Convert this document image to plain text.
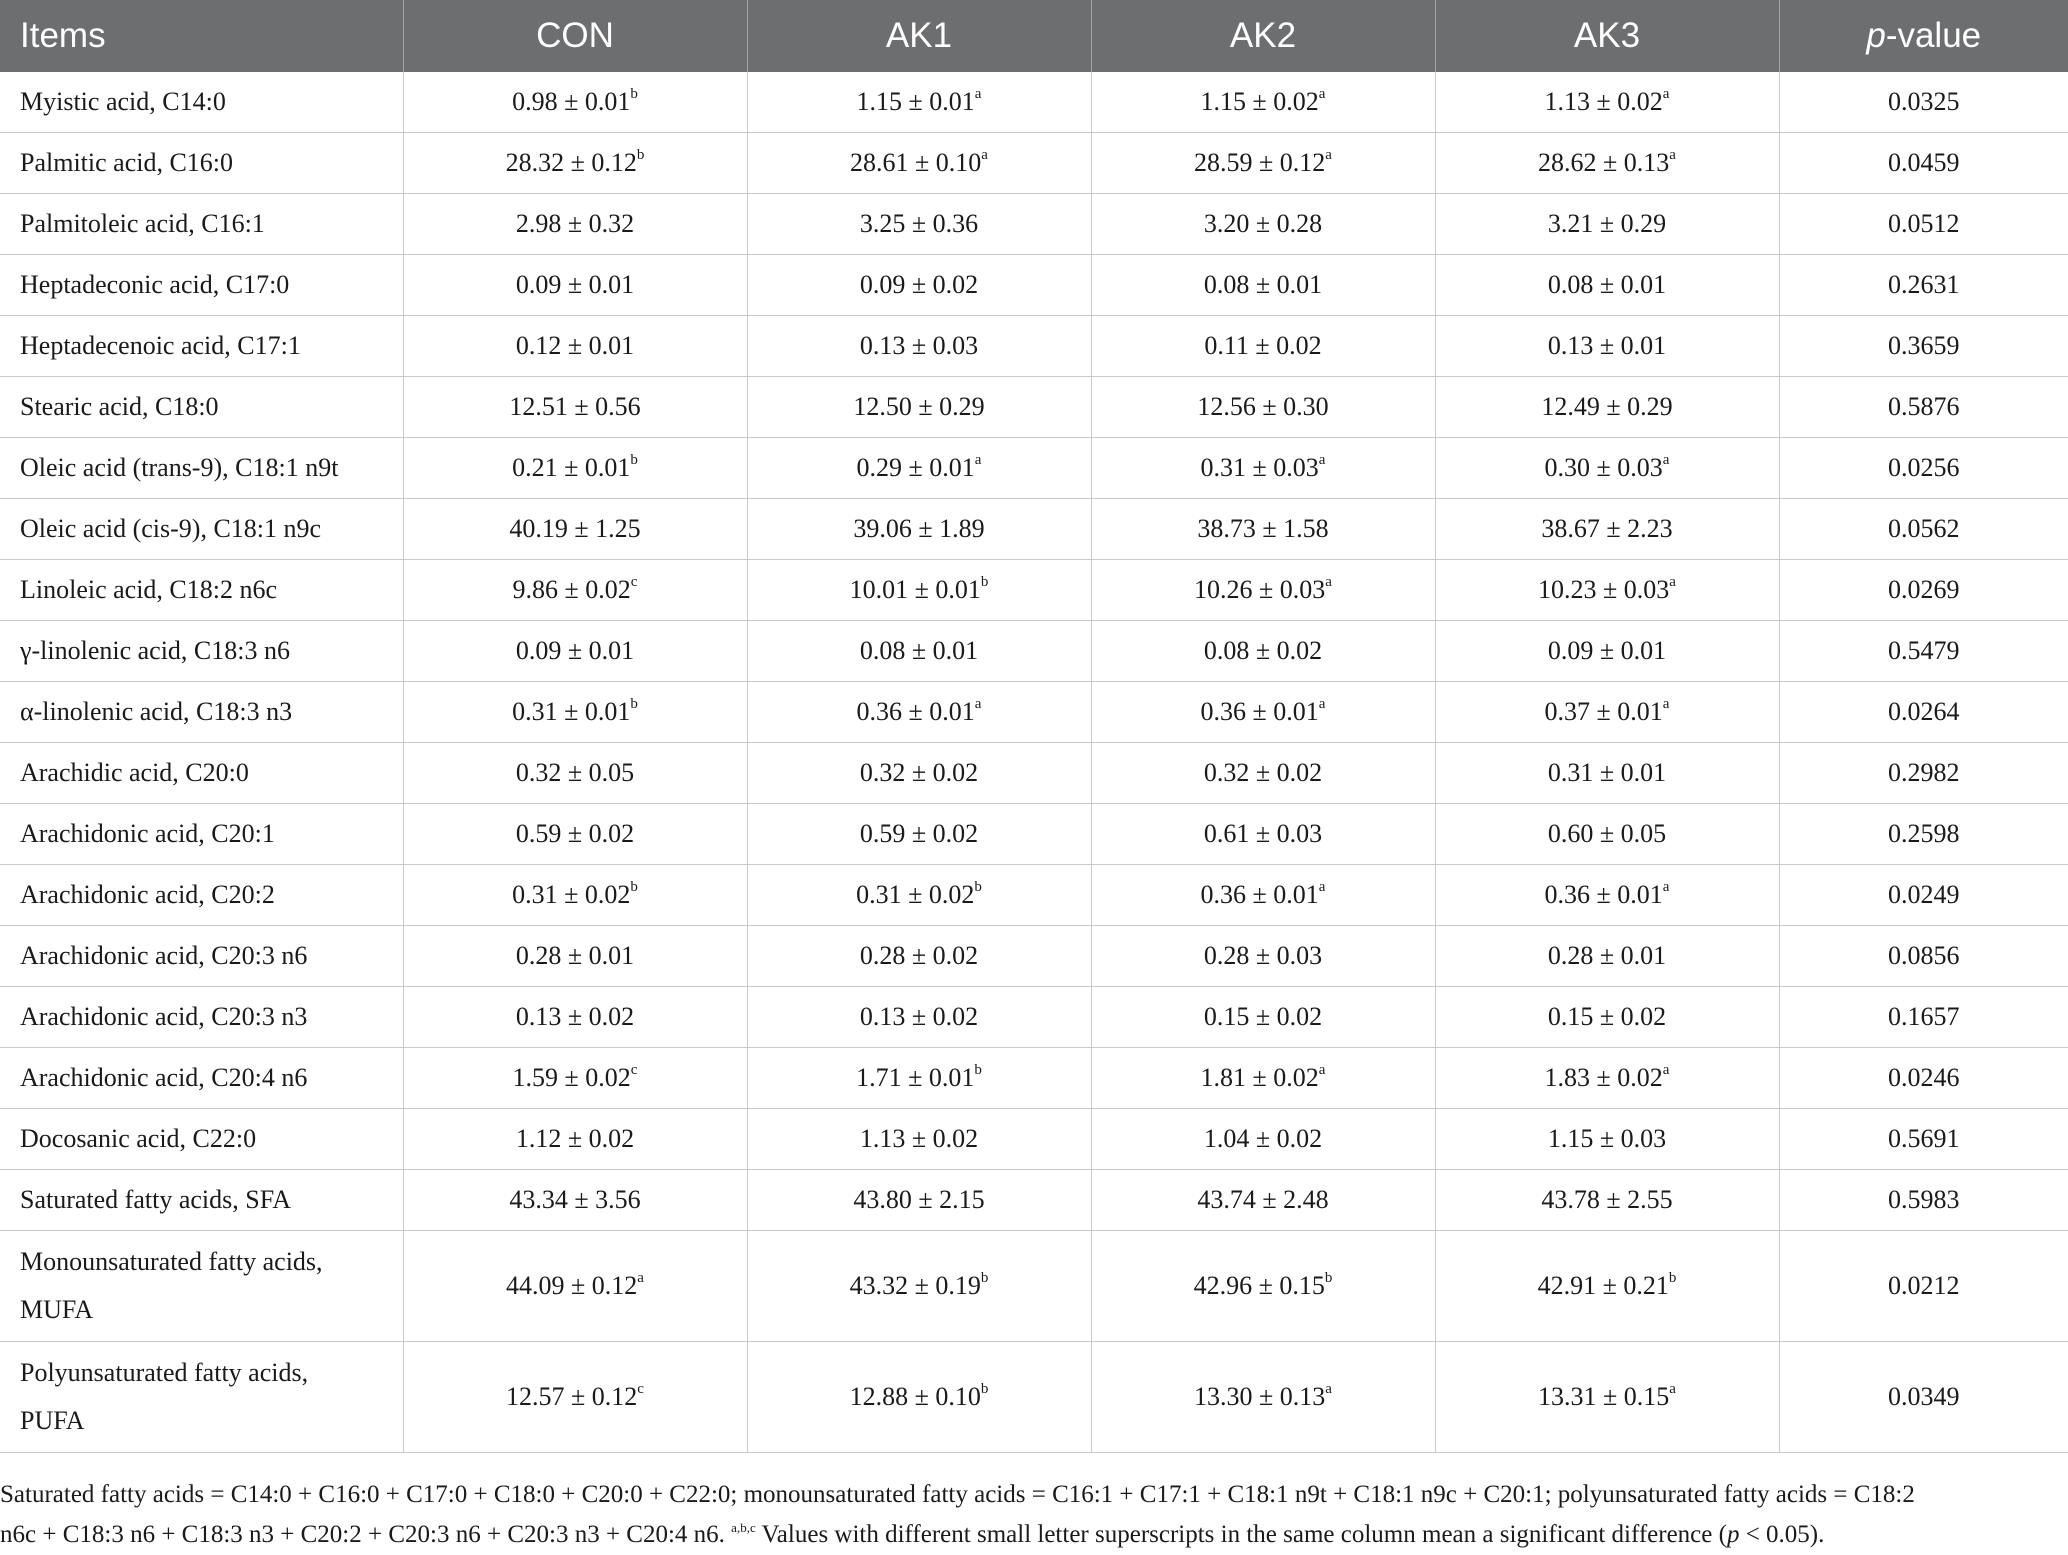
Items	CON	AK1	AK2	AK3	p-value
Myistic acid, C14:0	0.98 ± 0.01$^b$	1.15 ± 0.01$^a$	1.15 ± 0.02$^a$	1.13 ± 0.02$^a$	0.0325
Palmitic acid, C16:0	28.32 ± 0.12$^b$	28.61 ± 0.10$^a$	28.59 ± 0.12$^a$	28.62 ± 0.13$^a$	0.0459
Palmitoleic acid, C16:1	2.98 ± 0.32	3.25 ± 0.36	3.20 ± 0.28	3.21 ± 0.29	0.0512
Heptadeconic acid, C17:0	0.09 ± 0.01	0.09 ± 0.02	0.08 ± 0.01	0.08 ± 0.01	0.2631
Heptadecenoic acid, C17:1	0.12 ± 0.01	0.13 ± 0.03	0.11 ± 0.02	0.13 ± 0.01	0.3659
Stearic acid, C18:0	12.51 ± 0.56	12.50 ± 0.29	12.56 ± 0.30	12.49 ± 0.29	0.5876
Oleic acid (trans-9), C18:1 n9t	0.21 ± 0.01$^b$	0.29 ± 0.01$^a$	0.31 ± 0.03$^a$	0.30 ± 0.03$^a$	0.0256
Oleic acid (cis-9), C18:1 n9c	40.19 ± 1.25	39.06 ± 1.89	38.73 ± 1.58	38.67 ± 2.23	0.0562
Linoleic acid, C18:2 n6c	9.86 ± 0.02$^c$	10.01 ± 0.01$^b$	10.26 ± 0.03$^a$	10.23 ± 0.03$^a$	0.0269
γ-linolenic acid, C18:3 n6	0.09 ± 0.01	0.08 ± 0.01	0.08 ± 0.02	0.09 ± 0.01	0.5479
α-linolenic acid, C18:3 n3	0.31 ± 0.01$^b$	0.36 ± 0.01$^a$	0.36 ± 0.01$^a$	0.37 ± 0.01$^a$	0.0264
Arachidic acid, C20:0	0.32 ± 0.05	0.32 ± 0.02	0.32 ± 0.02	0.31 ± 0.01	0.2982
Arachidonic acid, C20:1	0.59 ± 0.02	0.59 ± 0.02	0.61 ± 0.03	0.60 ± 0.05	0.2598
Arachidonic acid, C20:2	0.31 ± 0.02$^b$	0.31 ± 0.02$^b$	0.36 ± 0.01$^a$	0.36 ± 0.01$^a$	0.0249
Arachidonic acid, C20:3 n6	0.28 ± 0.01	0.28 ± 0.02	0.28 ± 0.03	0.28 ± 0.01	0.0856
Arachidonic acid, C20:3 n3	0.13 ± 0.02	0.13 ± 0.02	0.15 ± 0.02	0.15 ± 0.02	0.1657
Arachidonic acid, C20:4 n6	1.59 ± 0.02$^c$	1.71 ± 0.01$^b$	1.81 ± 0.02$^a$	1.83 ± 0.02$^a$	0.0246
Docosanic acid, C22:0	1.12 ± 0.02	1.13 ± 0.02	1.04 ± 0.02	1.15 ± 0.03	0.5691
Saturated fatty acids, SFA	43.34 ± 3.56	43.80 ± 2.15	43.74 ± 2.48	43.78 ± 2.55	0.5983
Monounsaturated fatty acids,
MUFA	44.09 ± 0.12$^a$	43.32 ± 0.19$^b$	42.96 ± 0.15$^b$	42.91 ± 0.21$^b$	0.0212
Polyunsaturated fatty acids,
PUFA	12.57 ± 0.12$^c$	12.88 ± 0.10$^b$	13.30 ± 0.13$^a$	13.31 ± 0.15$^a$	0.0349
Saturated fatty acids = C14:0 + C16:0 + C17:0 + C18:0 + C20:0 + C22:0; monounsaturated fatty acids = C16:1 + C17:1 + C18:1 n9t + C18:1 n9c + C20:1; polyunsaturated fatty acids = C18:2
n6c + C18:3 n6 + C18:3 n3 + C20:2 + C20:3 n6 + C20:3 n3 + C20:4 n6. $^{a,b,c}$ Values with different small letter superscripts in the same column mean a significant difference (p < 0.05).
